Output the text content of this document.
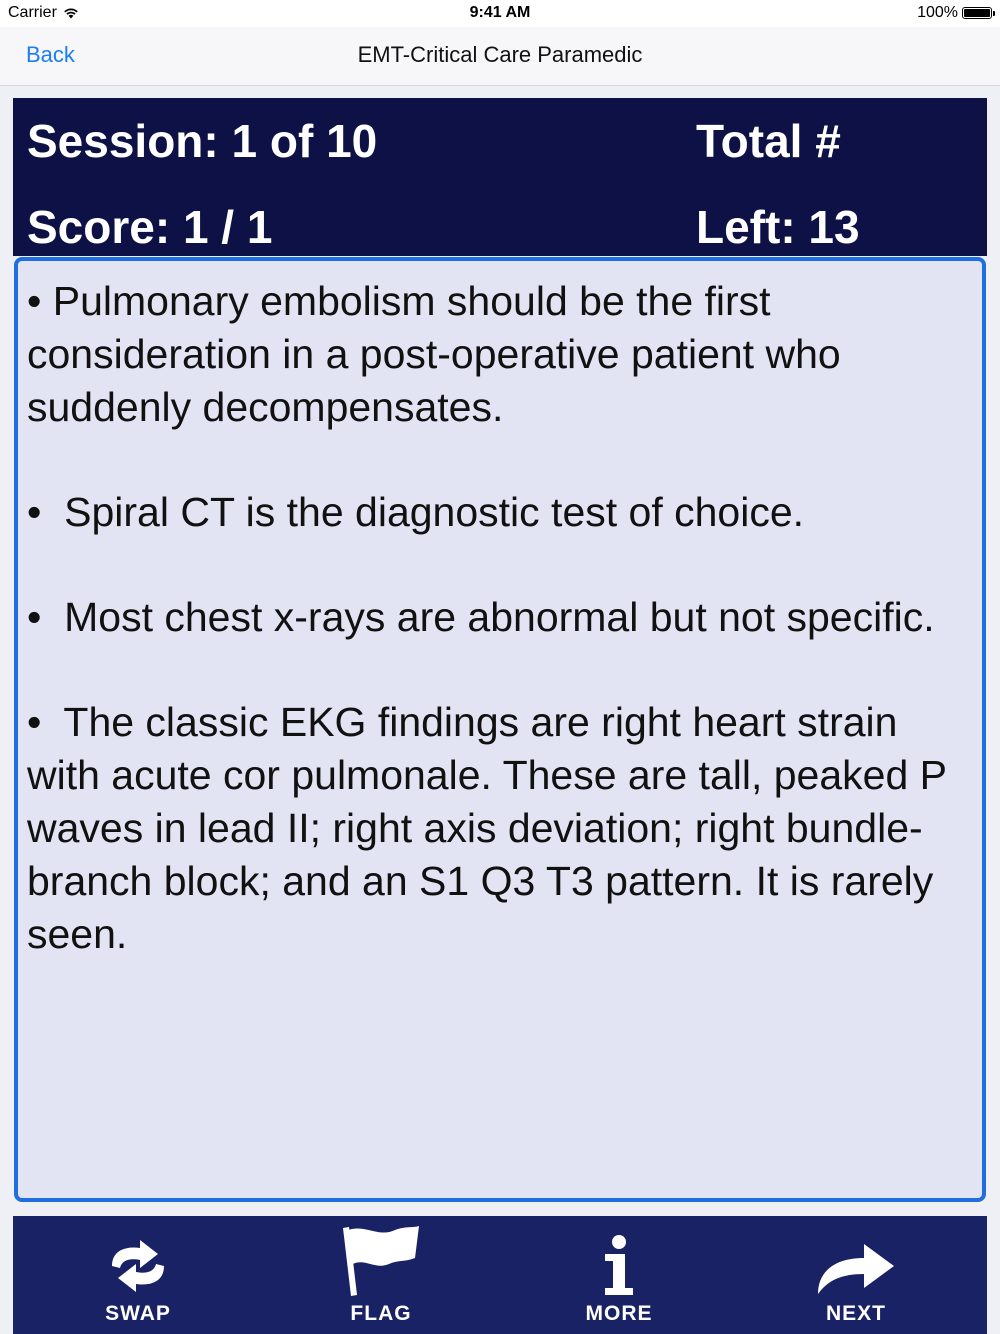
Carrier	9:41 AM	100%
Back	EMT-Critical Care Paramedic
Session: 1 of 10	Total #
Score: 1 / 1	Left: 13

• Pulmonary embolism should be the first consideration in a post-operative patient who suddenly decompensates.

•  Spiral CT is the diagnostic test of choice.

•  Most chest x-rays are abnormal but not specific.

•  The classic EKG findings are right heart strain with acute cor pulmonale. These are tall, peaked P waves in lead II; right axis deviation; right bundle-branch block; and an S1 Q3 T3 pattern. It is rarely seen.

SWAP	FLAG	MORE	NEXT
